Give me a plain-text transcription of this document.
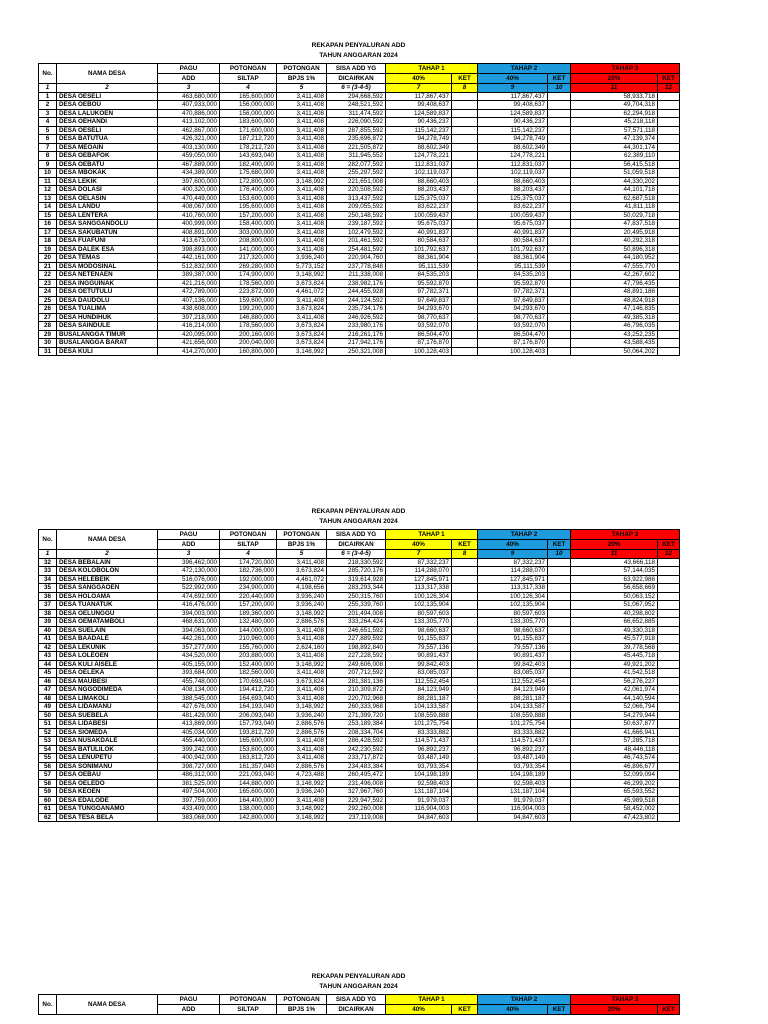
REKAPAN PENYALURAN ADD
TAHUN ANGGARAN 2024
No.	NAMA DESA	PAGU	POTONGAN	POTONGAN	SISA ADD YG	TAHAP 1		TAHAP 2		TAHAP 3	
		ADD	SILTAP	BPJS 1%	DICAIRKAN	40%	KET	40%	KET	20%	KET
1	2	3	4	5	6 = (3-4-5)	7	8	9	10	11	12
1	DESA OESELI	463,680,000	165,600,000	3,411,408	294,668,592	117,867,437		117,867,437		58,933,718	
2	DESA OEBOU	407,933,000	156,000,000	3,411,408	248,521,592	99,408,637		99,408,637		49,704,318	
3	DESA LALUKOEN	470,886,000	156,000,000	3,411,408	311,474,592	124,589,837		124,589,837		62,294,918	
4	DESA OEHANDI	413,102,000	183,600,000	3,411,408	226,090,592	90,436,237		90,436,237		45,218,118	
5	DESA OESELI	462,867,000	171,600,000	3,411,408	287,855,592	115,142,237		115,142,237		57,571,118	
6	DESA BATUTUA	426,321,000	187,212,720	3,411,408	235,696,872	94,278,749		94,278,749		47,139,374	
7	DESA MEOAIN	403,130,000	178,212,720	3,411,408	221,505,872	88,602,349		88,602,349		44,301,174	
8	DESA OEBAFOK	459,050,000	143,693,040	3,411,408	311,945,552	124,778,221		124,778,221		62,389,110	
9	DESA OEBATU	467,889,000	182,400,000	3,411,408	282,077,592	112,831,037		112,831,037		56,415,518	
10	DESA MBOKAK	434,389,000	175,680,000	3,411,408	255,297,592	102,119,037		102,119,037		51,059,518	
11	DESA LEKIK	397,600,000	172,800,000	3,148,992	221,651,008	88,660,403		88,660,403		44,330,202	
12	DESA DOLASI	400,320,000	176,400,000	3,411,408	220,508,592	88,203,437		88,203,437		44,101,718	
13	DESA OELASIN	470,449,000	153,600,000	3,411,408	313,437,592	125,375,037		125,375,037		62,687,518	
14	DESA LANDU	408,067,000	195,600,000	3,411,408	209,055,592	83,622,237		83,622,237		41,811,118	
15	DESA LENTERA	410,760,000	157,200,000	3,411,408	250,148,592	100,059,437		100,059,437		50,029,718	
16	DESA SANGGANDOLU	400,999,000	158,400,000	3,411,408	239,187,592	95,675,037		95,675,037		47,837,518	
17	DESA SAKUBATUN	408,891,000	303,000,000	3,411,408	102,479,592	40,991,837		40,991,837		20,495,918	
18	DESA FUAFUNI	413,673,000	208,800,000	3,411,408	201,461,592	80,584,637		80,584,637		40,292,318	
19	DESA DALEK ESA	398,893,000	141,000,000	3,411,408	254,481,592	101,792,637		101,792,637		50,896,318	
20	DESA TEMAS	442,161,000	217,320,000	3,936,240	220,904,760	88,361,904		88,361,904		44,180,952	
21	DESA MODOSINAL	512,832,000	269,280,000	5,773,152	237,778,848	95,111,539		95,111,539		47,555,770	
22	DESA NETENAEN	389,387,000	174,900,000	3,148,992	211,338,008	84,535,203		84,535,203		42,267,602	
23	DESA INGGUINAK	421,216,000	178,560,000	3,673,824	238,982,176	95,592,870		95,592,870		47,796,435	
24	DESA OETUTULU	472,789,000	223,872,000	4,461,072	244,455,928	97,782,371		97,782,371		48,891,186	
25	DESA DAUDOLU	407,136,000	159,600,000	3,411,408	244,124,592	97,649,837		97,649,837		48,824,918	
26	DESA TUALIMA	438,608,000	199,200,000	3,673,824	235,734,176	94,293,670		94,293,670		47,146,835	
27	DESA HUNDIHUK	397,218,000	146,880,000	3,411,408	246,926,592	98,770,637		98,770,637		49,385,318	
28	DESA SAINDULE	416,214,000	178,560,000	3,673,824	233,980,176	93,592,070		93,592,070		46,796,035	
29	BUSALANGGA TIMUR	420,095,000	200,160,000	3,673,824	216,261,176	86,504,470		86,504,470		43,252,235	
30	BUSALANGGA BARAT	421,656,000	200,040,000	3,673,824	217,942,176	87,176,870		87,176,870		43,588,435	
31	DESA KULI	414,270,000	160,800,000	3,148,992	250,321,008	100,128,403		100,128,403		50,064,202	
REKAPAN PENYALURAN ADD
TAHUN ANGGARAN 2024
No.	NAMA DESA	PAGU	POTONGAN	POTONGAN	SISA ADD YG	TAHAP 1		TAHAP 2		TAHAP 3	
		ADD	SILTAP	BPJS 1%	DICAIRKAN	40%	KET	40%	KET	20%	KET
1	2	3	4	5	6 = (3-4-5)	7	8	9	10	11	12
32	DESA BEBALAIN	396,462,000	174,720,000	3,411,408	218,330,592	87,332,237		87,332,237		43,666,118	
33	DESA KOLOBOLON	472,130,000	182,736,000	3,673,824	285,720,176	114,288,070		114,288,070		57,144,035	
34	DESA HELEBEIK	516,076,000	192,000,000	4,461,072	319,614,928	127,845,971		127,845,971		63,922,986	
35	DESA SANGGAOEN	522,992,000	234,900,000	4,198,656	283,293,344	113,317,338		113,317,338		56,658,669	
36	DESA HOLOAMA	474,692,000	220,440,000	3,936,240	250,315,760	100,126,304		100,126,304		50,063,152	
37	DESA TUANATUK	416,476,000	157,200,000	3,936,240	255,339,760	102,135,904		102,135,904		51,067,952	
38	DESA OELUNGGU	394,003,000	189,360,000	3,148,992	201,494,008	80,597,603		80,597,603		40,298,802	
39	DESA OEMATAMBOLI	468,631,000	132,480,000	2,886,576	333,264,424	133,305,770		133,305,770		66,652,885	
40	DESA SUELAIN	394,063,000	144,000,000	3,411,408	246,651,592	98,660,637		98,660,637		49,330,318	
41	DESA BAADALE	442,261,000	210,960,000	3,411,408	227,889,592	91,155,837		91,155,837		45,577,918	
42	DESA LEKUNIK	357,277,000	155,760,000	2,624,160	198,892,840	79,557,136		79,557,136		39,778,568	
43	DESA LOLEOEN	434,520,000	203,880,000	3,411,408	227,228,592	90,891,437		90,891,437		45,445,718	
44	DESA KULI AISELE	405,155,000	152,400,000	3,148,992	249,606,008	99,842,403		99,842,403		49,921,202	
45	DESA OELEKA	393,684,000	182,560,000	3,411,408	207,712,592	83,085,037		83,085,037		41,542,518	
46	DESA MAUBESI	455,748,000	170,693,040	3,673,824	281,381,136	112,552,454		112,552,454		56,276,227	
47	DESA NGGODIMEDA	408,134,000	194,412,720	3,411,408	210,309,872	84,123,949		84,123,949		42,061,974	
48	DESA LIMAKOLI	388,545,000	164,693,040	3,411,408	220,702,968	88,281,187		88,281,187		44,140,594	
49	DESA LIDAMANU	427,676,000	164,193,040	3,148,992	260,333,968	104,133,587		104,133,587		52,066,794	
50	DESA SUEBELA	481,429,000	206,093,040	3,936,240	271,399,720	108,559,888		108,559,888		54,279,944	
51	DESA LIDABESI	413,869,000	157,793,040	2,886,576	253,189,384	101,275,754		101,275,754		50,637,877	
52	DESA SIOMEDA	405,034,000	193,812,720	2,886,576	208,334,704	83,333,882		83,333,882		41,666,941	
53	DESA NUSAKDALE	455,440,000	165,600,000	3,411,408	286,428,592	114,571,437		114,571,437		57,285,718	
54	DESA BATULILOK	399,242,000	153,600,000	3,411,408	242,230,592	96,892,237		96,892,237		48,446,118	
55	DESA LENUPETU	400,942,000	163,812,720	3,411,408	233,717,872	93,487,149		93,487,149		46,743,574	
56	DESA SONIMANU	398,727,000	161,357,040	2,886,576	234,483,384	93,793,354		93,793,354		46,896,677	
57	DESA OEBAU	486,312,000	221,093,040	4,723,488	260,495,472	104,198,189		104,198,189		52,099,094	
58	DESA OELEDO	381,525,000	144,880,000	3,148,992	231,496,008	92,598,403		92,598,403		46,299,202	
59	DESA KEOEN	497,504,000	165,600,000	3,936,240	327,967,760	131,187,104		131,187,104		65,593,552	
60	DESA EDALODE	397,759,000	164,400,000	3,411,408	229,947,592	91,979,037		91,979,037		45,989,518	
61	DESA TUNGGANAMO	433,409,000	138,000,000	3,148,992	292,260,008	116,904,003		116,904,003		58,452,002	
62	DESA TESA BELA	383,068,000	142,800,000	3,148,992	237,119,008	94,847,603		94,847,603		47,423,802	
REKAPAN PENYALURAN ADD
TAHUN ANGGARAN 2024
No.	NAMA DESA	PAGU	POTONGAN	POTONGAN	SISA ADD YG	TAHAP 1		TAHAP 2		TAHAP 3	
		ADD	SILTAP	BPJS 1%	DICAIRKAN	40%	KET	40%	KET	20%	KET
